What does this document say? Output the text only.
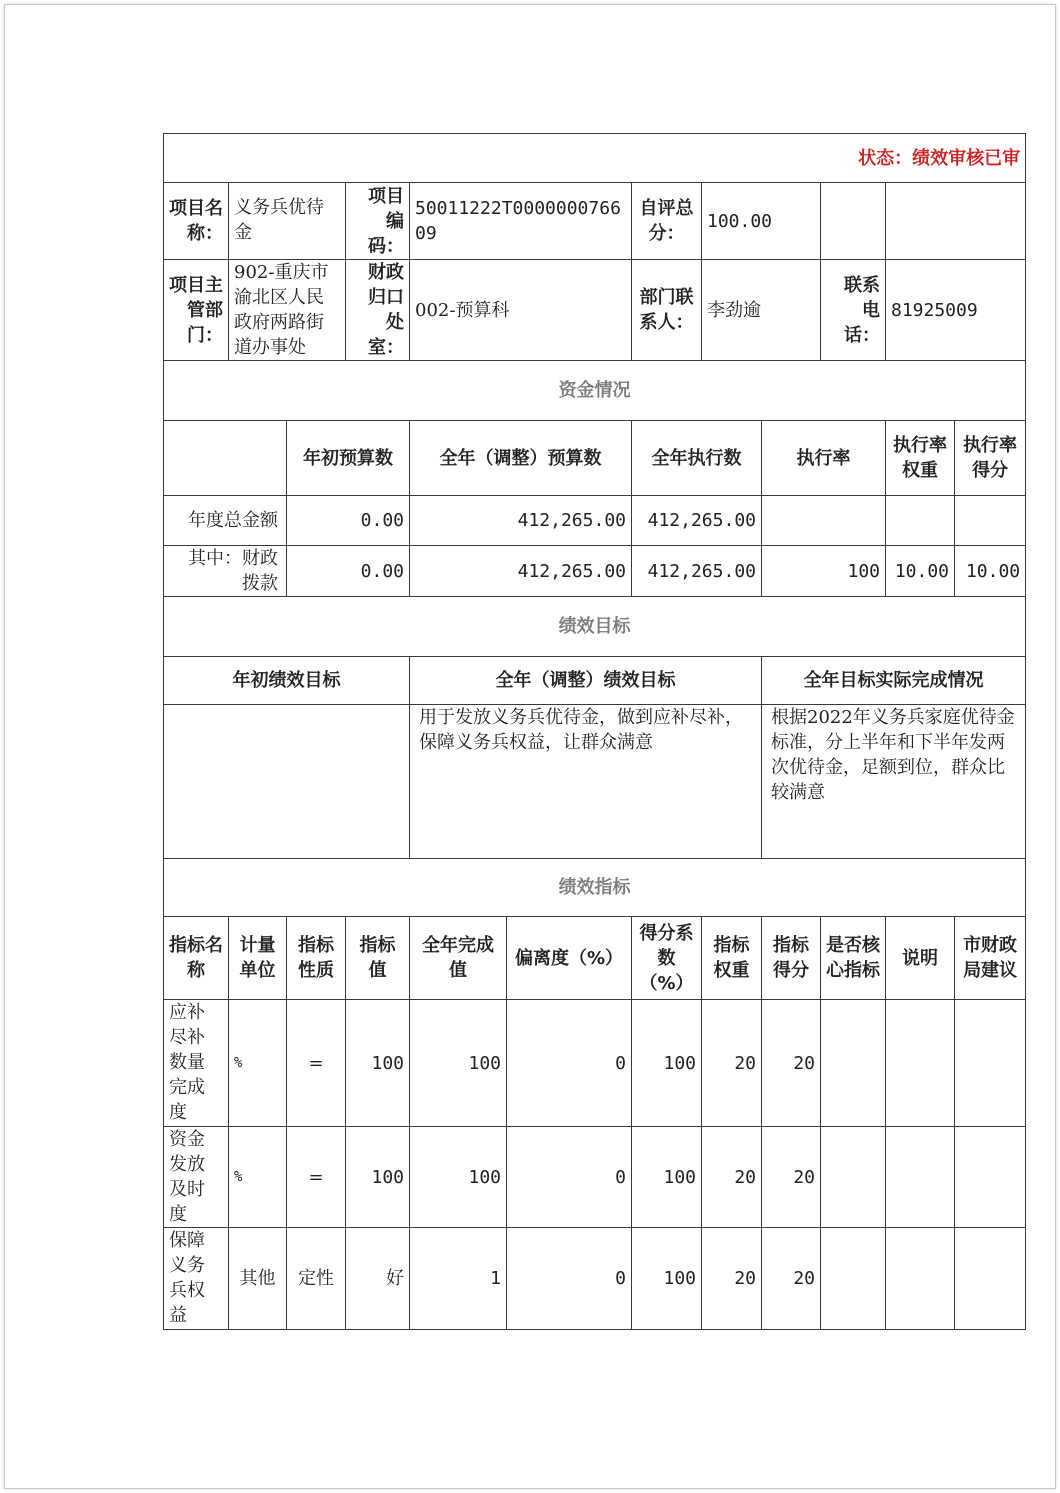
状态：绩效审核已审											
项目名称：	义务兵优待金		项目编码：	50011222T000000076609		自评总分：	100.00				
项目主管部门：	902-重庆市渝北区人民政府两路街道办事处		财政归口处室：	002-预算科		部门联系人：	李劲逾		联系电话：	81925009	
资金情况											
		年初预算数		全年（调整）预算数		全年执行数		执行率		执行率权重	执行率得分
年度总金额		0.00		412,265.00		412,265.00					
其中：财政拨款		0.00		412,265.00		412,265.00		100		10.00	10.00
绩效目标											
年初绩效目标				全年（调整）绩效目标				全年目标实际完成情况			
				用于发放义务兵优待金，做到应补尽补，保障义务兵权益，让群众满意				根据2022年义务兵家庭优待金标准，分上半年和下半年发两次优待金，足额到位，群众比较满意			
绩效指标											
指标名称	计量单位	指标性质	指标值	全年完成值	偏离度（%）	得分系数（%）	指标权重	指标得分	是否核心指标	说明	市财政局建议
应补尽补数量完成度	%	=	100	100	0	100	20	20			
资金发放及时度	%	=	100	100	0	100	20	20			
保障义务兵权益	其他	定性	好	1	0	100	20	20			
